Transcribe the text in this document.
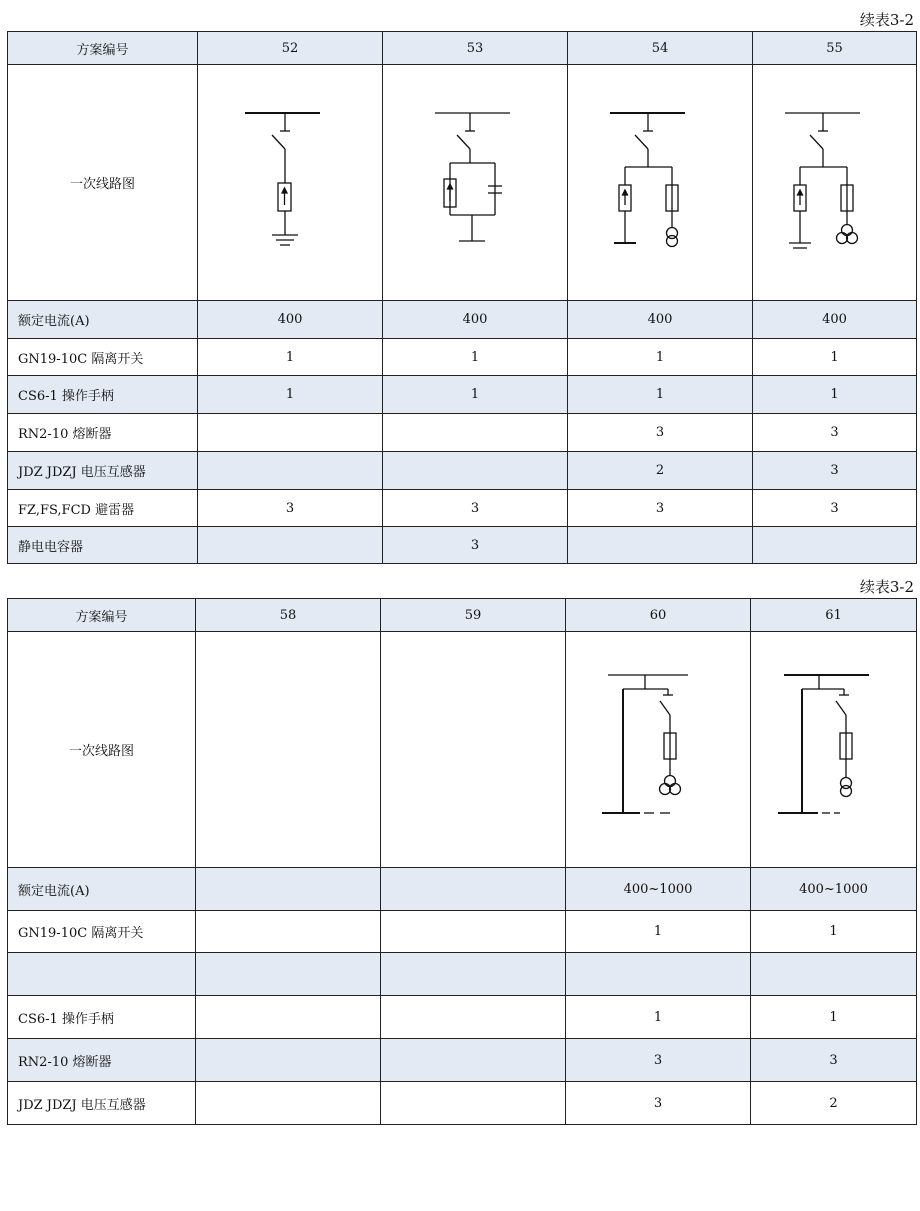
续表3-2
方案编号	52	53	54	55
一次线路图	

额定电流(A)	400	400	400	400
GN19-10C 隔离开关	1	1	1	1
CS6-1 操作手柄	1	1	1	1
RN2-10 熔断器			3	3
JDZ JDZJ 电压互感器			2	3
FZ,FS,FCD 避雷器	3	3	3	3
静电电容器		3		
续表3-2
方案编号	58	59	60	61
一次线路图			

额定电流(A)			400~1000	400~1000
GN19-10C 隔离开关			1	1

CS6-1 操作手柄			1	1
RN2-10 熔断器			3	3
JDZ JDZJ 电压互感器			3	2
